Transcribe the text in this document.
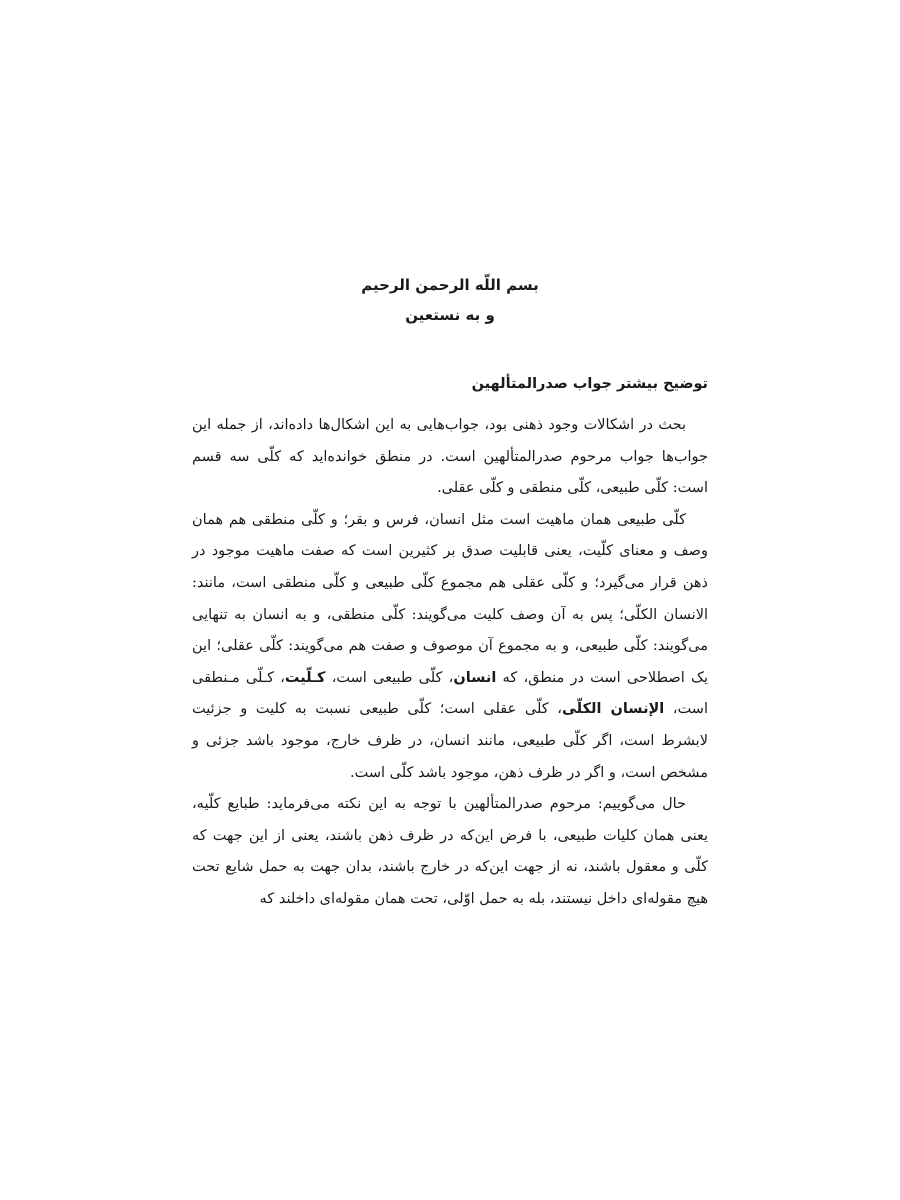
بسم اللّه الرحمن الرحیم
و به نستعین
توضیح بیشتر جواب صدرالمتألهین

بحث در اشکالات وجود ذهنی بود، جواب‌هایی به این اشکال‌ها داده‌اند، از جمله این جواب‌ها جواب مرحوم صدرالمتألهین است. در منطق خوانده‌اید که کلّی سه قسم است: کلّی طبیعی، کلّی منطقی و کلّی عقلی.

کلّی طبیعی همان ماهیت است مثل انسان، فرس و بقر؛ و کلّی منطقی هم همان وصف و معنای کلّیت، یعنی قابلیت صدق بر کثیرین است که صفت ماهیت موجود در ذهن قرار می‌گیرد؛ و کلّی عقلی هم مجموع کلّی طبیعی و کلّی منطقی است، مانند: الانسان الکلّی؛ پس به آن وصف کلیت می‌گویند: کلّی منطقی، و به انسان به تنهایی می‌گویند: کلّی طبیعی، و به مجموع آن موصوف و صفت هم می‌گویند: کلّی عقلی؛ این یک اصطلاحی است در منطق، که انسان، کلّی طبیعی است، کـلّیت، کـلّی مـنطقی است، الإنسان الکلّی، کلّی عقلی است؛ کلّی طبیعی نسبت به کلیت و جزئیت لابشرط است، اگر کلّی طبیعی، مانند انسان، در ظرف خارج، موجود باشد جزئی و مشخص است، و اگر در ظرف ذهن، موجود باشد کلّی است.

حال می‌گوییم: مرحوم صدرالمتألهین با توجه به این نکته می‌فرماید: طبایع کلّیه، یعنی همان کلیات طبیعی، با فرض این‌که در ظرف ذهن باشند، یعنی از این جهت که کلّی و معقول باشند، نه از جهت این‌که در خارج باشند، بدان جهت به حمل شایع تحت هیچ مقوله‌ای داخل نیستند، بله به حمل اوّلی، تحت همان مقوله‌ای داخلند که
